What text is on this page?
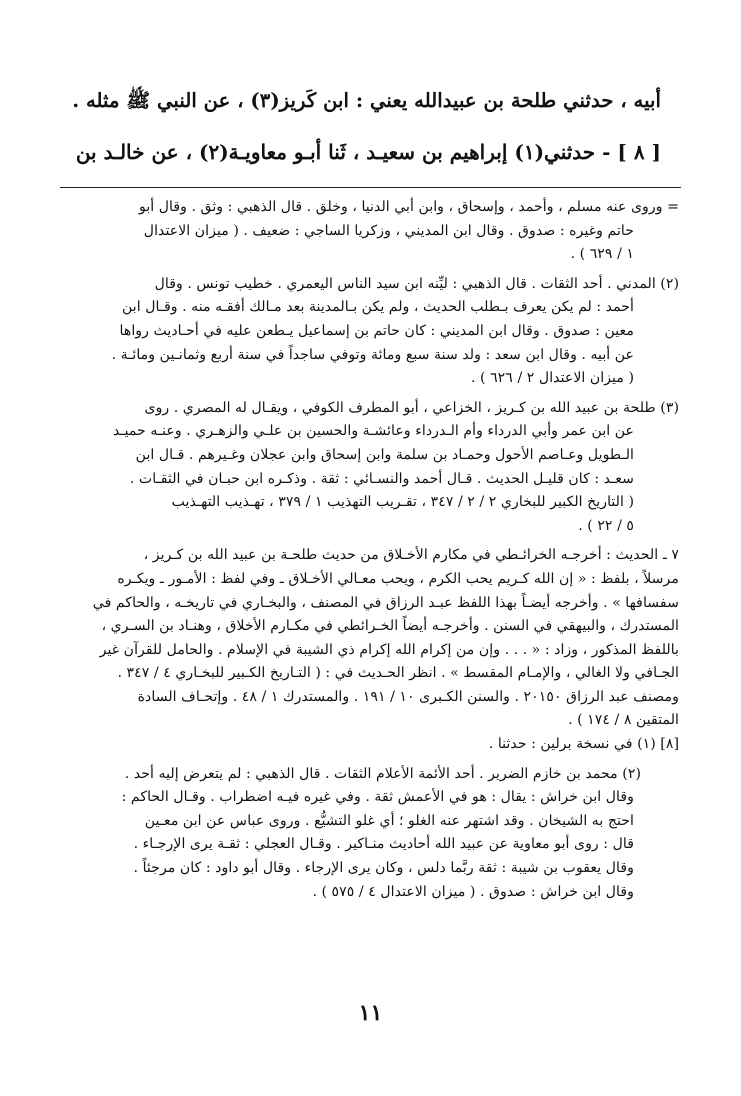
أبيه ، حدثني طلحة بن عبيدالله يعني : ابن كَريز(٣) ، عن النبي ﷺ مثله .
[ ٨ ] - حدثني(١) إبراهيم بن سعيـد ، ثَنا أبـو معاويـة(٢) ، عن خالـد بن
= وروى عنه مسلم ، وأحمد ، وإسحاق ، وابن أبي الدنيا ، وخلق . قال الذهبي : وثق . وقال أبو
حاتم وغيره : صدوق . وقال ابن المديني ، وزكريا الساجي : ضعيف . ( ميزان الاعتدال
١ / ٦٢٩ ) .
(٢) المدني . أحد الثقات . قال الذهبي : ليِّنه ابن سيد الناس اليعمري . خطيب تونس . وقال
أحمد : لم يكن يعرف بـطلب الحديث ، ولم يكن بـالمدينة بعد مـالك أفقـه منه . وقـال ابن
معين : صدوق . وقال ابن المديني : كان حاتم بن إسماعيل يـطعن عليه في أحـاديث رواها
عن أبيه . وقال ابن سعد : ولد سنة سبع ومائة وتوفي ساجداً في سنة أربع وثمانـين ومائـة .
( ميزان الاعتدال ٢ / ٦٢٦ ) .
(٣) طلحة بن عبيد الله بن كـريز ، الخزاعي ، أبو المطرف الكوفي ، ويقـال له المصري . روى
عن ابن عمر وأبي الدرداء وأم الـدرداء وعائشـة والحسين بن علـي والزهـري . وعنـه حميـد
الـطويل وعـاصم الأحول وحمـاد بن سلمة وابن إسحاق وابن عجلان وغـيرهم . قـال ابن
سعـد : كان قليـل الحديث . قـال أحمد والنسـائي : ثقة . وذكـره ابن حبـان في الثقـات .
( التاريخ الكبير للبخاري ٢ / ٢ / ٣٤٧ ، تقـريب التهذيب ١ / ٣٧٩ ، تهـذيب التهـذيب
٥ / ٢٢ ) .
٧ ـ الحديث : أخرجـه الخرائـطي في مكارم الأخـلاق من حديث طلحـة بن عبيد الله بن كـريز ،
مرسلاً ، بلفظ : « إن الله كـريم يحب الكرم ، ويحب معـالي الأخـلاق ـ وفي لفظ : الأمـور ـ ويكـره
سفسافها » . وأخرجه أيضـاً بهذا اللفظ عبـد الرزاق في المصنف ، والبخـاري في تاريخـه ، والحاكم في
المستدرك ، والبيهقي في السنن . وأخرجـه أيضاً الخـرائطي في مكـارم الأخلاق ، وهنـاد بن السـري ،
باللفظ المذكور ، وزاد : « . . . وإن من إكرام الله إكرام ذي الشيبة في الإسلام . والحامل للقرآن غير
الجـافي ولا الغالي ، والإمـام المقسط » . انظر الحـديث في : ( التـاريخ الكـبير للبخـاري ٤ / ٣٤٧ .
ومصنف عبد الرزاق ٢٠١٥٠ . والسنن الكـبرى ١٠ / ١٩١ . والمستدرك ١ / ٤٨ . وإتحـاف السادة
المتقين ٨ / ١٧٤ ) .
[٨] (١) في نسخة برلين : حدثنا .
(٢) محمد بن خازم الضرير . أحد الأئمة الأعلام الثقات . قال الذهبي : لم يتعرض إليه أحد .
وقال ابن خراش : يقال : هو في الأعمش ثقة . وفي غيره فيـه اضطراب . وقـال الحاكم :
احتج به الشيخان . وقد اشتهر عنه الغلو ؛ أي غلو التشيُّع . وروى عباس عن ابن معـين
قال : روى أبو معاوية عن عبيد الله أحاديث منـاكير . وقـال العجلي : ثقـة يرى الإرجـاء .
وقال يعقوب بن شيبة : ثقة ربَّما دلس ، وكان يرى الإرجاء . وقال أبو داود : كان مرجئاً .
وقال ابن خراش : صدوق . ( ميزان الاعتدال ٤ / ٥٧٥ ) .
١١
